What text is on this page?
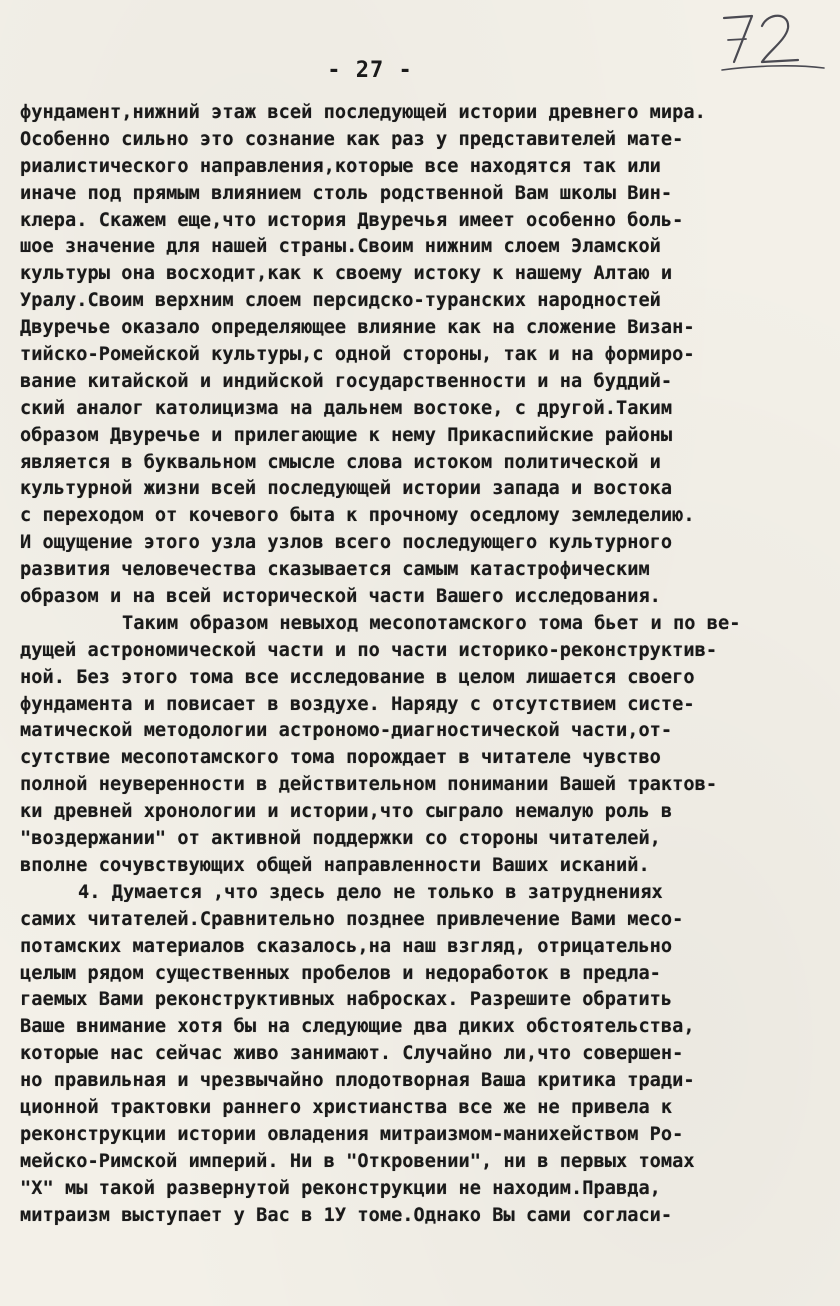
- 27 -
фундамент,нижний этаж всей последующей истории древнего мира.
Особенно сильно это сознание как раз у представителей мате-
риалистического направления,которые все находятся так или
иначе под прямым влиянием столь родственной Вам школы Вин-
клера. Скажем еще,что история Двуречья имеет особенно боль-
шое значение для нашей страны.Своим нижним слоем Эламской
культуры она восходит,как к своему истоку к нашему Алтаю и
Уралу.Своим верхним слоем персидско-туранских народностей
Двуречье оказало определяющее влияние как на сложение Визан-
тийско-Ромейской культуры,с одной стороны, так и на формиро-
вание китайской и индийской государственности и на буддий-
ский аналог католицизма на дальнем востоке, с другой.Таким
образом Двуречье и прилегающие к нему Прикаспийские районы
является в буквальном смысле слова истоком политической и
культурной жизни всей последующей истории запада и востока
с переходом от кочевого быта к прочному оседлому земледелию.
И ощущение этого узла узлов всего последующего культурного
развития человечества сказывается самым катастрофическим
образом и на всей исторической части Вашего исследования.
Таким образом невыход месопотамского тома бьет и по ве-
дущей астрономической части и по части историко-реконструктив-
ной. Без этого тома все исследование в целом лишается своего
фундамента и повисает в воздухе. Наряду с отсутствием систе-
матической методологии астрономо-диагностической части,от-
сутствие месопотамского тома порождает в читателе чувство
полной неуверенности в действительном понимании Вашей трактов-
ки древней хронологии и истории,что сыграло немалую роль в
"воздержании" от активной поддержки со стороны читателей,
вполне сочувствующих общей направленности Ваших исканий.
4. Думается ,что здесь дело не только в затруднениях
самих читателей.Сравнительно позднее привлечение Вами месо-
потамских материалов сказалось,на наш взгляд, отрицательно
целым рядом существенных пробелов и недоработок в предла-
гаемых Вами реконструктивных набросках. Разрешите обратить
Ваше внимание хотя бы на следующие два диких обстоятельства,
которые нас сейчас живо занимают. Случайно ли,что совершен-
но правильная и чрезвычайно плодотворная Ваша критика тради-
ционной трактовки раннего христианства все же не привела к
реконструкции истории овладения митраизмом-манихейством Ро-
мейско-Римской империй. Ни в "Откровении", ни в первых томах
"Х" мы такой развернутой реконструкции не находим.Правда,
митраизм выступает у Вас в 1У томе.Однако Вы сами согласи-
